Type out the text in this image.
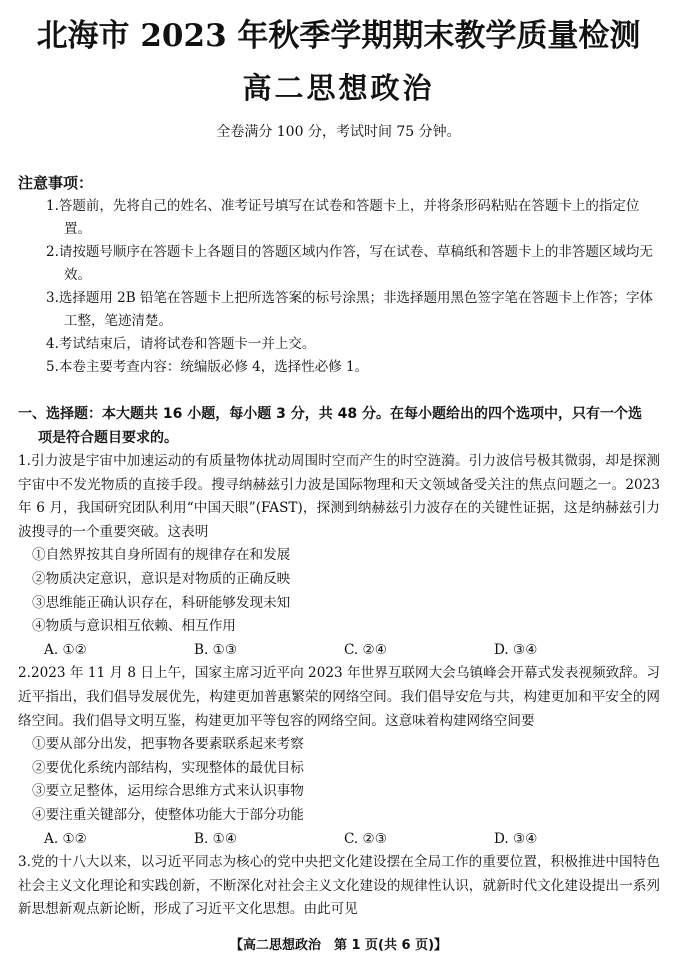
北海市 2023 年秋季学期期末教学质量检测
高二思想政治
全卷满分 100 分，考试时间 75 分钟。
注意事项：
1.答题前，先将自己的姓名、准考证号填写在试卷和答题卡上，并将条形码粘贴在答题卡上的指定位置。
2.请按题号顺序在答题卡上各题目的答题区域内作答，写在试卷、草稿纸和答题卡上的非答题区域均无效。
3.选择题用 2B 铅笔在答题卡上把所选答案的标号涂黑；非选择题用黑色签字笔在答题卡上作答；字体工整，笔迹清楚。
4.考试结束后，请将试卷和答题卡一并上交。
5.本卷主要考查内容：统编版必修 4，选择性必修 1。
一、选择题：本大题共 16 小题，每小题 3 分，共 48 分。在每小题给出的四个选项中，只有一个选
项是符合题目要求的。
1.引力波是宇宙中加速运动的有质量物体扰动周围时空而产生的时空涟漪。引力波信号极其微弱，却是探测宇宙中不发光物质的直接手段。搜寻纳赫兹引力波是国际物理和天文领域备受关注的焦点问题之一。2023 年 6 月，我国研究团队利用“中国天眼”(FAST)，探测到纳赫兹引力波存在的关键性证据，这是纳赫兹引力波搜寻的一个重要突破。这表明
①自然界按其自身所固有的规律存在和发展
②物质决定意识，意识是对物质的正确反映
③思维能正确认识存在，科研能够发现未知
④物质与意识相互依赖、相互作用
A. ①②	B. ①③	C. ②④	D. ③④
2.2023 年 11 月 8 日上午，国家主席习近平向 2023 年世界互联网大会乌镇峰会开幕式发表视频致辞。习近平指出，我们倡导发展优先，构建更加普惠繁荣的网络空间。我们倡导安危与共，构建更加和平安全的网络空间。我们倡导文明互鉴，构建更加平等包容的网络空间。这意味着构建网络空间要
①要从部分出发，把事物各要素联系起来考察
②要优化系统内部结构，实现整体的最优目标
③要立足整体，运用综合思维方式来认识事物
④要注重关键部分，使整体功能大于部分功能
A. ①②	B. ①④	C. ②③	D. ③④
3.党的十八大以来，以习近平同志为核心的党中央把文化建设摆在全局工作的重要位置，积极推进中国特色社会主义文化理论和实践创新，不断深化对社会主义文化建设的规律性认识，就新时代文化建设提出一系列新思想新观点新论断，形成了习近平文化思想。由此可见
【高二思想政治　第 1 页(共 6 页)】
